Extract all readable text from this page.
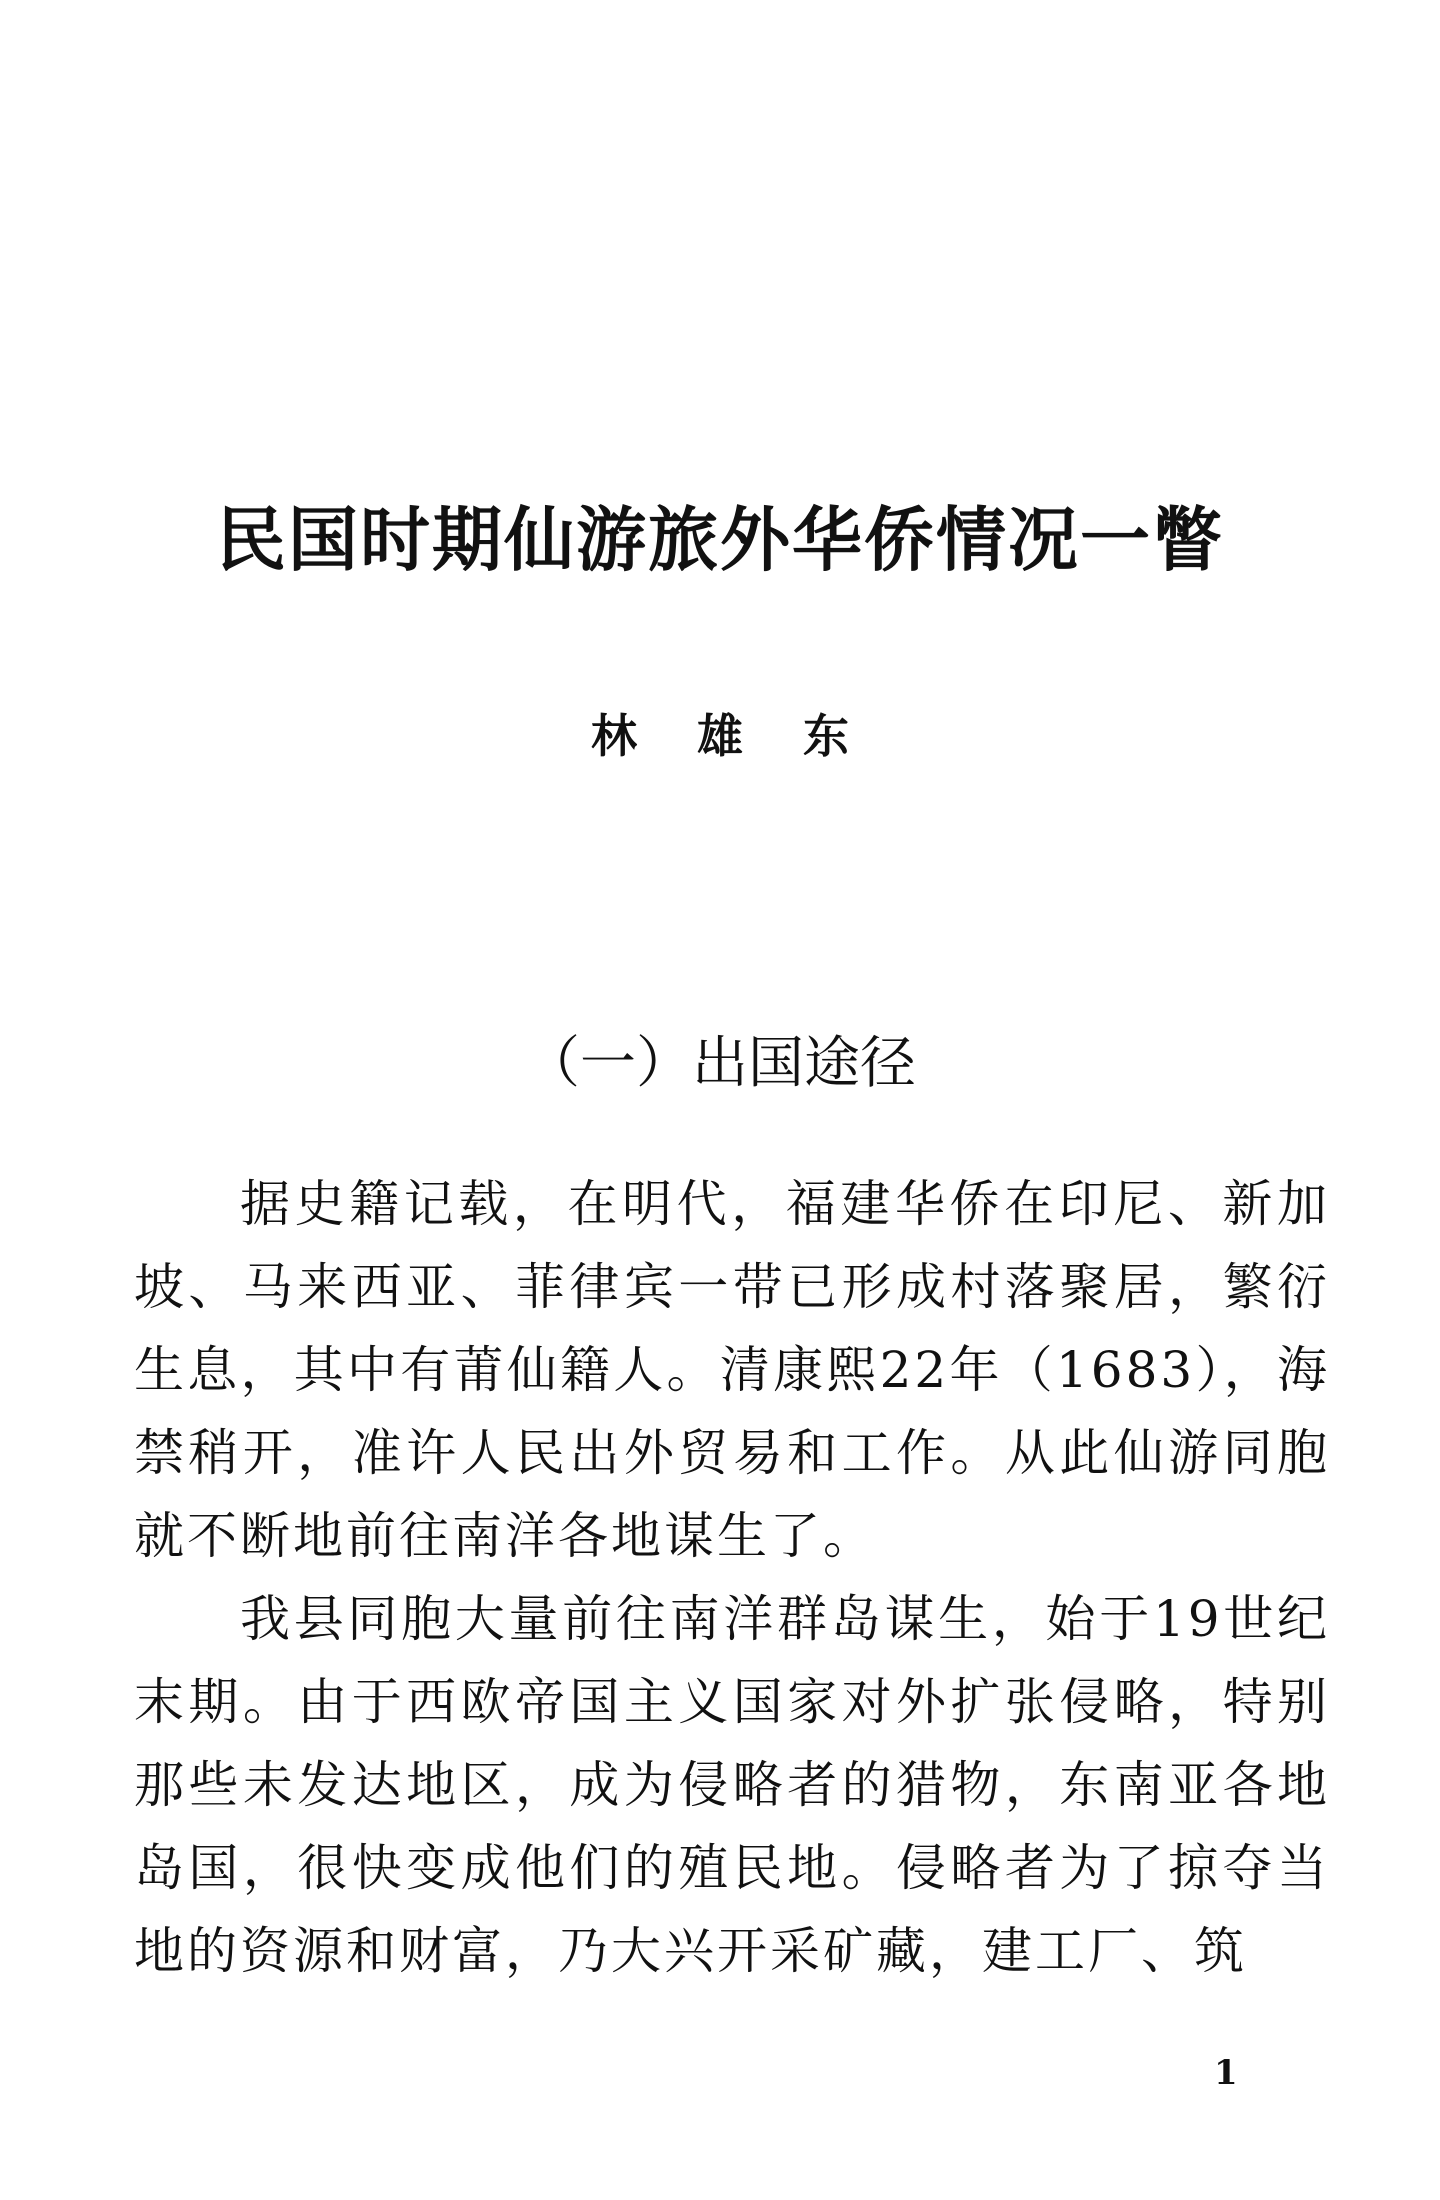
民国时期仙游旅外华侨情况一瞥
林雄东
（一）出国途径

据史籍记载，在明代，福建华侨在印尼、新加坡、马来西亚、菲律宾一带已形成村落聚居，繁衍生息，其中有莆仙籍人。清康熙22年（1683），海禁稍开，准许人民出外贸易和工作。从此仙游同胞就不断地前往南洋各地谋生了。

我县同胞大量前往南洋群岛谋生，始于19世纪末期。由于西欧帝国主义国家对外扩张侵略，特别那些未发达地区，成为侵略者的猎物，东南亚各地岛国，很快变成他们的殖民地。侵略者为了掠夺当地的资源和财富，乃大兴开采矿藏，建工厂、筑

1
